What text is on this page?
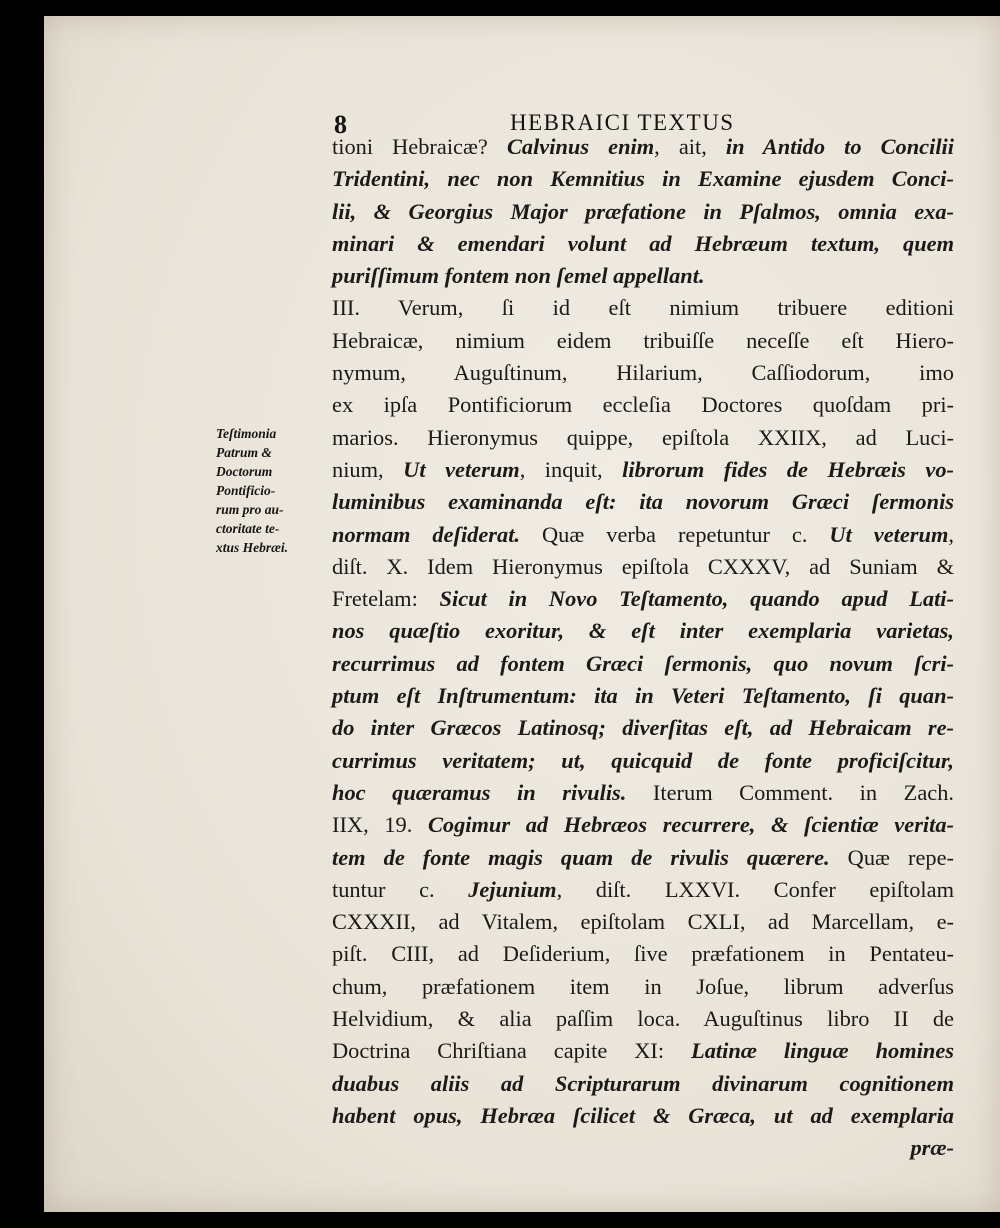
8	HEBRAICI TEXTUS
Teſtimonia
Patrum &
Doctorum
Pontificio-
rum pro au-
ctoritate te-
xtus Hebræi.
tioni Hebraicæ? Calvinus enim, ait, in Antido to Concilii
Tridentini, nec non Kemnitius in Examine ejusdem Conci-
lii, & Georgius Major præfatione in Pſalmos, omnia exa-
minari & emendari volunt ad Hebræum textum, quem
puriſſimum fontem non ſemel appellant.
III. Verum, ſi id eſt nimium tribuere editioni
Hebraicæ, nimium eidem tribuiſſe neceſſe eſt Hiero-
nymum, Auguſtinum, Hilarium, Caſſiodorum, imo
ex ipſa Pontificiorum eccleſia Doctores quoſdam pri-
marios. Hieronymus quippe, epiſtola XXIIX, ad Luci-
nium, Ut veterum, inquit, librorum fides de Hebræis vo-
luminibus examinanda eſt: ita novorum Græci ſermonis
normam deſiderat. Quæ verba repetuntur c. Ut veterum,
diſt. X. Idem Hieronymus epiſtola CXXXV, ad Suniam &
Fretelam: Sicut in Novo Teſtamento, quando apud Lati-
nos quæſtio exoritur, & eſt inter exemplaria varietas,
recurrimus ad fontem Græci ſermonis, quo novum ſcri-
ptum eſt Inſtrumentum: ita in Veteri Teſtamento, ſi quan-
do inter Græcos Latinosq; diverſitas eſt, ad Hebraicam re-
currimus veritatem; ut, quicquid de fonte proficiſcitur,
hoc quæramus in rivulis. Iterum Comment. in Zach.
IIX, 19. Cogimur ad Hebræos recurrere, & ſcientiæ verita-
tem de fonte magis quam de rivulis quærere. Quæ repe-
tuntur c. Jejunium, diſt. LXXVI. Confer epiſtolam
CXXXII, ad Vitalem, epiſtolam CXLI, ad Marcellam, e-
piſt. CIII, ad Deſiderium, ſive præfationem in Pentateu-
chum, præfationem item in Joſue, librum adverſus
Helvidium, & alia paſſim loca. Auguſtinus libro II de
Doctrina Chriſtiana capite XI: Latinæ linguæ homines
duabus aliis ad Scripturarum divinarum cognitionem
habent opus, Hebræa ſcilicet & Græca, ut ad exemplaria
præ-
